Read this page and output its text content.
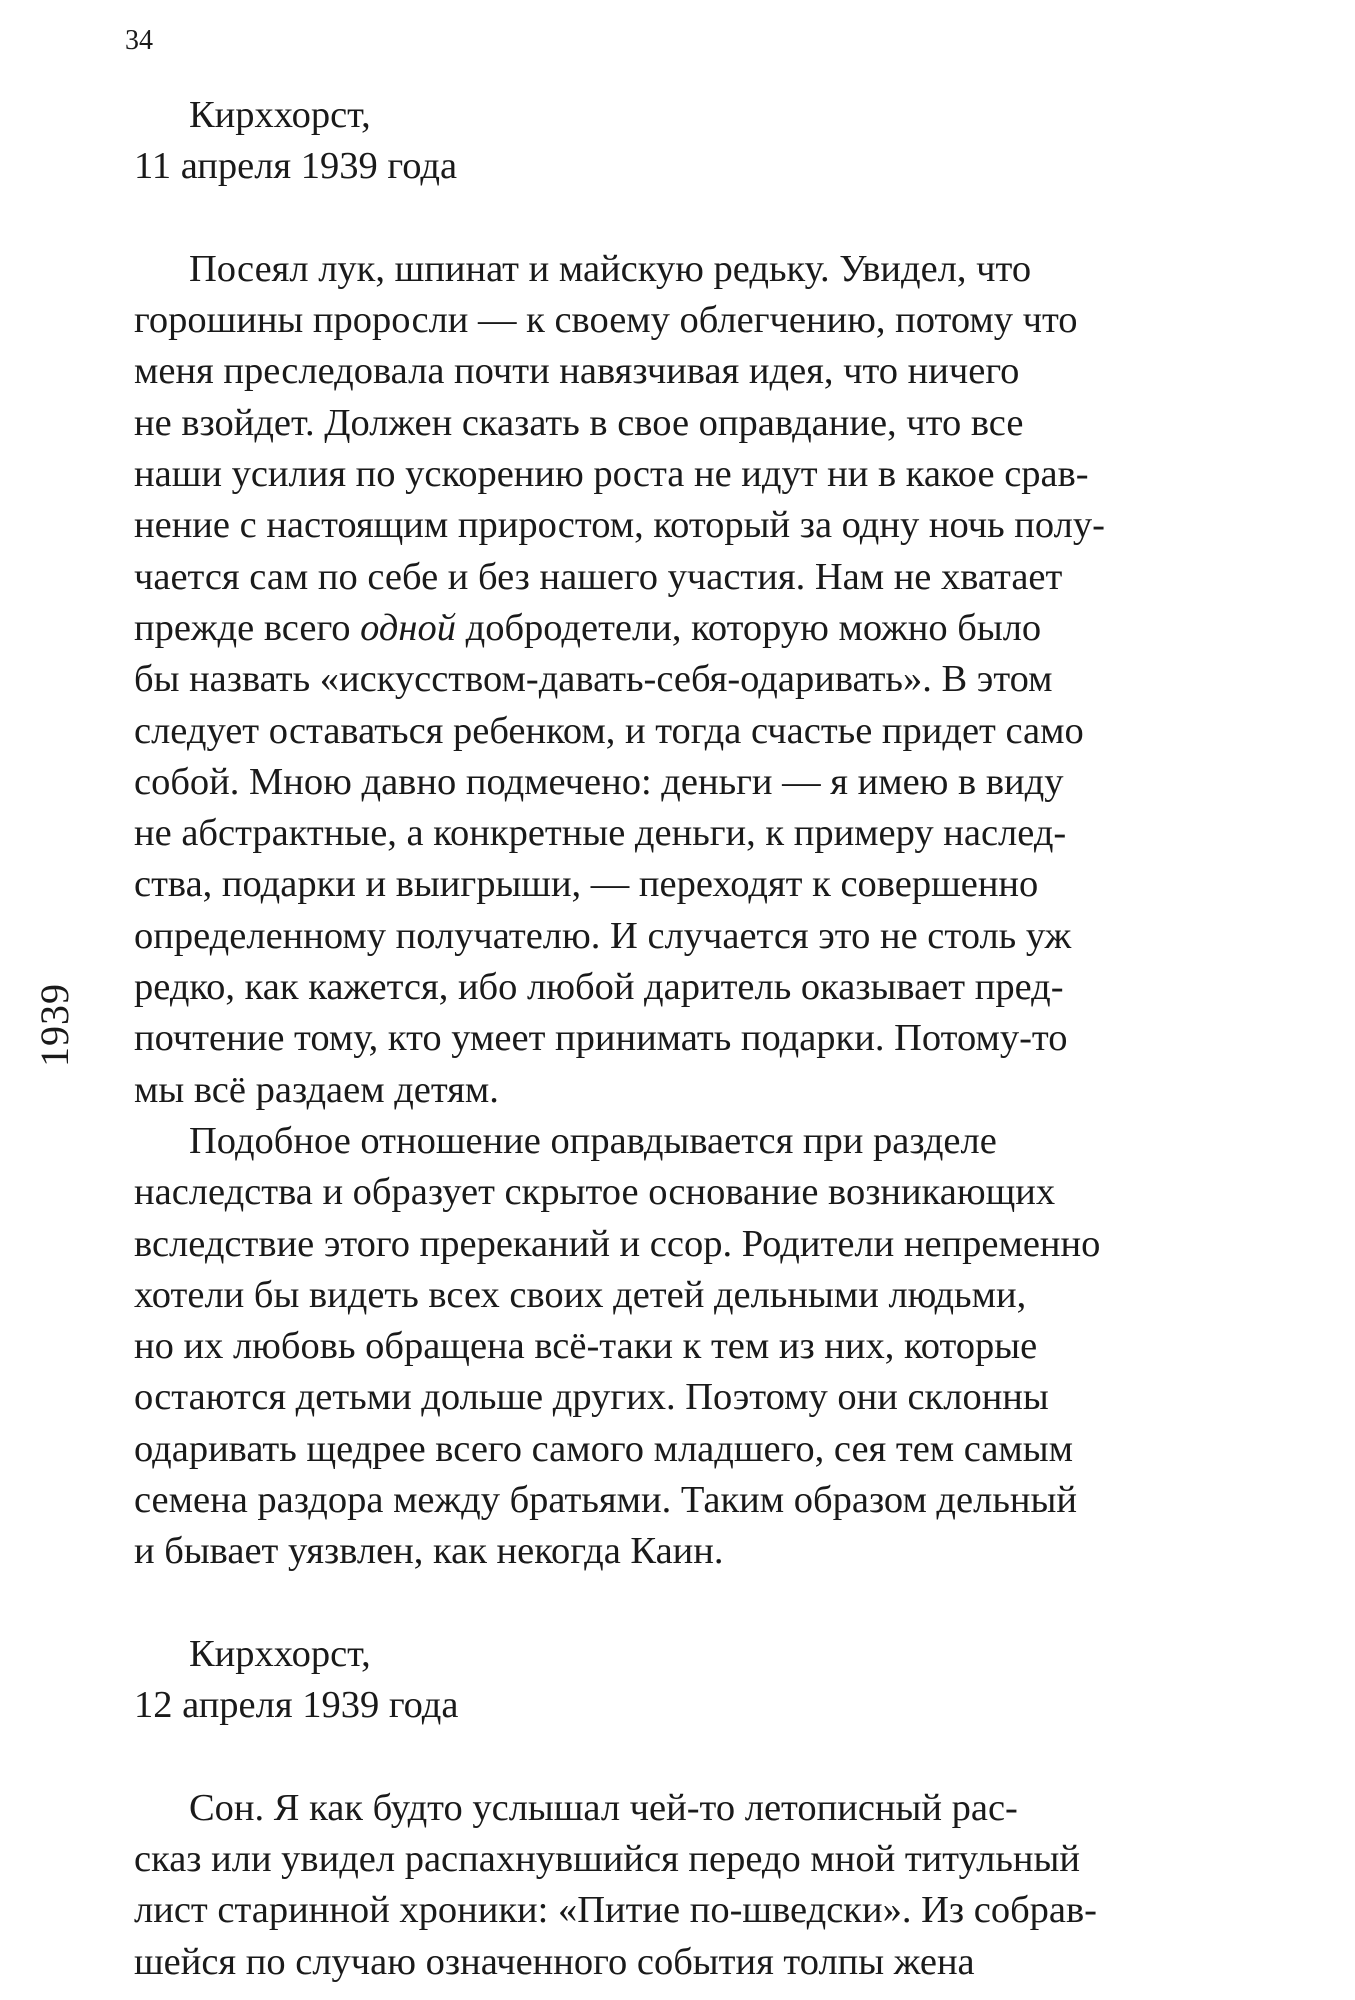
34
1939
Кирххорст,
11 апреля 1939 года
Посеял лук, шпинат и майскую редьку. Увидел, что
горошины проросли — к своему облегчению, потому что
меня преследовала почти навязчивая идея, что ничего
не взойдет. Должен сказать в свое оправдание, что все
наши усилия по ускорению роста не идут ни в какое срав-
нение с настоящим приростом, который за одну ночь полу-
чается сам по себе и без нашего участия. Нам не хватает
прежде всего одной добродетели, которую можно было
бы назвать «искусством-давать-себя-одаривать». В этом
следует оставаться ребенком, и тогда счастье придет само
собой. Мною давно подмечено: деньги — я имею в виду
не абстрактные, а конкретные деньги, к примеру наслед-
ства, подарки и выигрыши, — переходят к совершенно
определенному получателю. И случается это не столь уж
редко, как кажется, ибо любой даритель оказывает пред-
почтение тому, кто умеет принимать подарки. Потому-то
мы всё раздаем детям.
Подобное отношение оправдывается при разделе
наследства и образует скрытое основание возникающих
вследствие этого пререканий и ссор. Родители непременно
хотели бы видеть всех своих детей дельными людьми,
но их любовь обращена всё-таки к тем из них, которые
остаются детьми дольше других. Поэтому они склонны
одаривать щедрее всего самого младшего, сея тем самым
семена раздора между братьями. Таким образом дельный
и бывает уязвлен, как некогда Каин.
Кирххорст,
12 апреля 1939 года
Сон. Я как будто услышал чей-то летописный рас-
сказ или увидел распахнувшийся передо мной титульный
лист старинной хроники: «Питие по-шведски». Из собрав-
шейся по случаю означенного события толпы жена
